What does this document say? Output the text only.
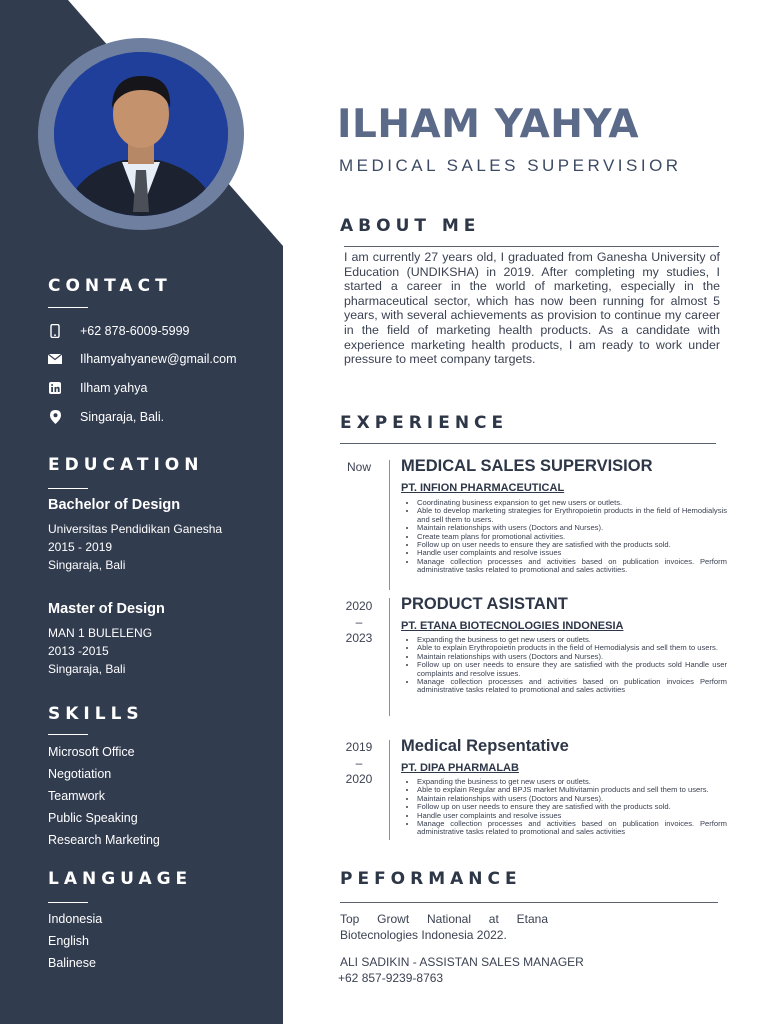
CONTACT
+62 878-6009-5999
Ilhamyahyanew@gmail.com
Ilham yahya
Singaraja, Bali.
EDUCATION
Bachelor of Design
Universitas Pendidikan Ganesha
2015 - 2019
Singaraja, Bali
Master of Design
MAN 1 BULELENG
2013 -2015
Singaraja, Bali
SKILLS
Microsoft Office
Negotiation
Teamwork
Public Speaking
Research Marketing
LANGUAGE
Indonesia
English
Balinese
ILHAM YAHYA
MEDICAL SALES SUPERVISIOR
ABOUT ME
I am currently 27 years old, I graduated from Ganesha University of Education (UNDIKSHA) in 2019. After completing my studies, I started a career in the world of marketing, especially in the pharmaceutical sector, which has now been running for almost 5 years, with several achievements as provision to continue my career in the field of marketing health products. As a candidate with experience marketing health products, I am ready to work under pressure to meet company targets.
EXPERIENCE
Now	MEDICAL SALES SUPERVISIOR
PT. INFION PHARMACEUTICAL
• Coordinating business expansion to get new users or outlets.
• Able to develop marketing strategies for Erythropoietin products in the field of Hemodialysis and sell them to users.
• Maintain relationships with users (Doctors and Nurses).
• Create team plans for promotional activities.
• Follow up on user needs to ensure they are satisfied with the products sold.
• Handle user complaints and resolve issues
• Manage collection processes and activities based on publication invoices. Perform administrative tasks related to promotional and sales activities.
2020
–
2023
PRODUCT ASISTANT
PT. ETANA BIOTECNOLOGIES INDONESIA
• Expanding the business to get new users or outlets.
• Able to explain Erythropoietin products in the field of Hemodialysis and sell them to users.
• Maintain relationships with users (Doctors and Nurses).
• Follow up on user needs to ensure they are satisfied with the products sold Handle user complaints and resolve issues.
• Manage collection processes and activities based on publication invoices Perform administrative tasks related to promotional and sales activities
2019
–
2020
Medical Repsentative
PT. DIPA PHARMALAB
• Expanding the business to get new users or outlets.
• Able to explain Regular and BPJS market Multivitamin products and sell them to users.
• Maintain relationships with users (Doctors and Nurses).
• Follow up on user needs to ensure they are satisfied with the products sold.
• Handle user complaints and resolve issues
• Manage collection processes and activities based on publication invoices. Perform administrative tasks related to promotional and sales activities
PEFORMANCE
Top Growt National at Etana
Biotecnologies Indonesia 2022.
ALI SADIKIN - ASSISTAN SALES MANAGER
+62 857-9239-8763
